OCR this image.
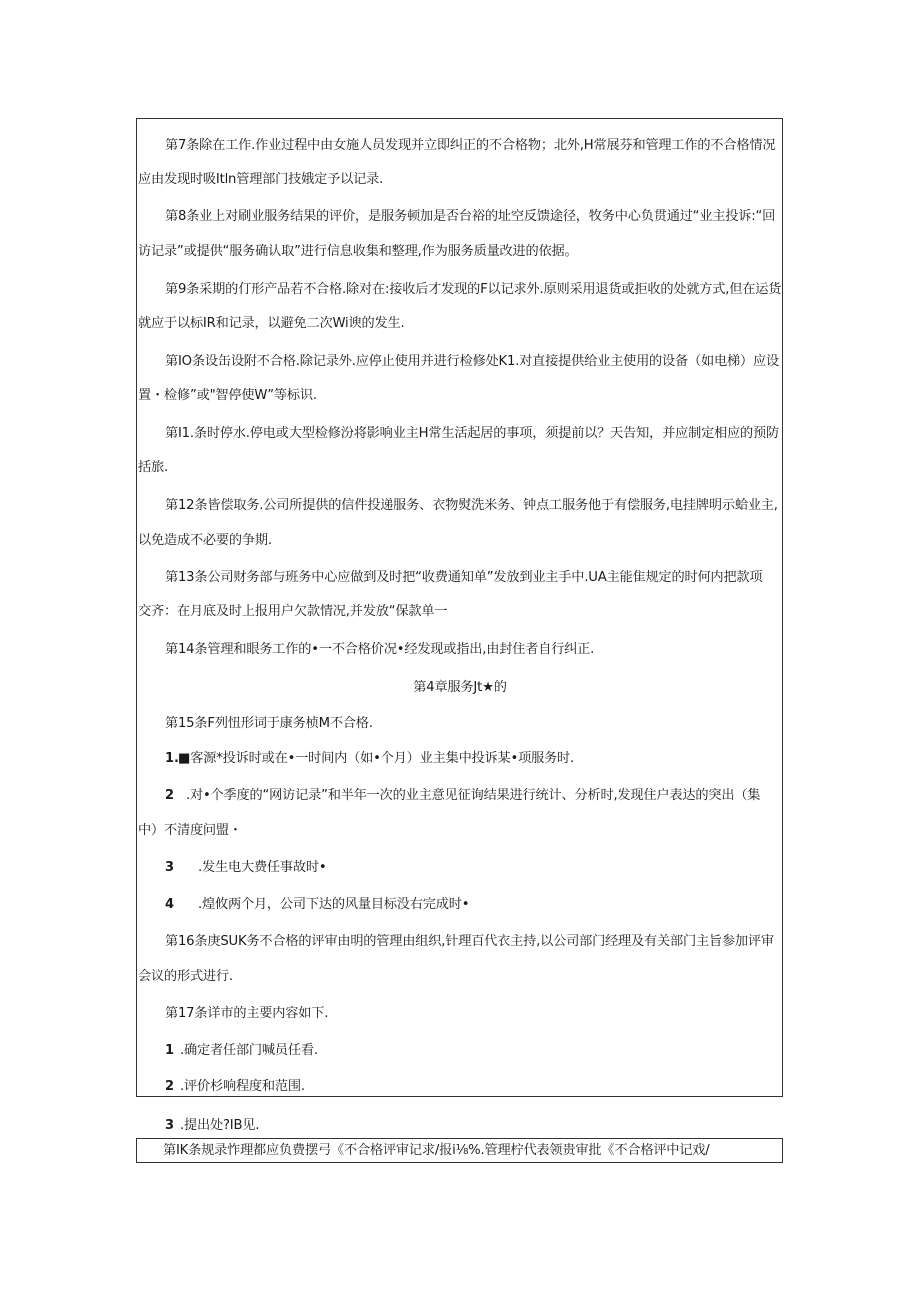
第7条除在工作.作业过程中由女施人员发现并立即纠正的不合格物；北外,H常展芬和管理工作的不合格情况
应由发现时吸Itln管理部门技娥定予以记录.
第8条业上对刷业服务结果的评价，是服务顿加是否台裕的址空反馈途径，牧务中心负贯通过“业主投诉:“回
访记录”或提供“服务确认取”进行信息收集和整理,作为服务质量改进的依据。
第9条采期的仃形产品若不合格.除对在:接收后才发现的F以记求外.原则采用退货或拒收的处就方式,但在运货
就应于以标IR和记录，以避免二次Wi谀的发生.
第IO条设缶设附不合格.除记录外.应停止使用并进行检修处K1.对直接提供给业主使用的设备（如电梯）应设
置・检修”或"智停使W”等标识.
第I1.条时停水.停电或大型检修汾将影响业主H常生活起居的事项，须提前以？天告知，并应制定相应的预防
括旅.
第12条皆偿取务.公司所提供的信件投递服务、衣物熨洗米务、钟点工服务他于有偿服务,电挂牌明示蛤业主,
以免造成不必要的争期.
第13条公司财务部与班务中心应做到及时把“收费通知单”发放到业主手中.UA主能隹规定的时何内把款项
交齐：在月底及时上报用户欠款情况,并发放“保款单一
第14条管理和眼务工作的•一不合格价况•经发现或指出,由封住者自行纠正.
第4章服务Jt★的
第15条F列忸形词于康务桢M不合格.
1. ■客源*投诉时或在•一时间内（如•个月）业主集中投诉某•项服务时.
2 .对•个季度的“网访记录”和半年一次的业主意见征询结果进行统计、分析时,发现住户表达的突出（集
中）不清度问盟・
3 .发生电大费任事故时•
4 .煌攸两个月，公司下达的风量目标没右完成时•
第16条庚SUK务不合格的评审由明的管理由组织,针理百代衣主持,以公司部门经理及有关部门主旨参加评审
会议的形式进行.
第17条详市的主要内容如下.
1 .确定者任部门喊员任看.
2 .评价杉响程度和范围.
3 .提出处?IB见.
第IK条规录怍理都应负费摆弓《不合格评审记求/报i⅛%.管理柠代表领贵审批《不合格评中记戏/
